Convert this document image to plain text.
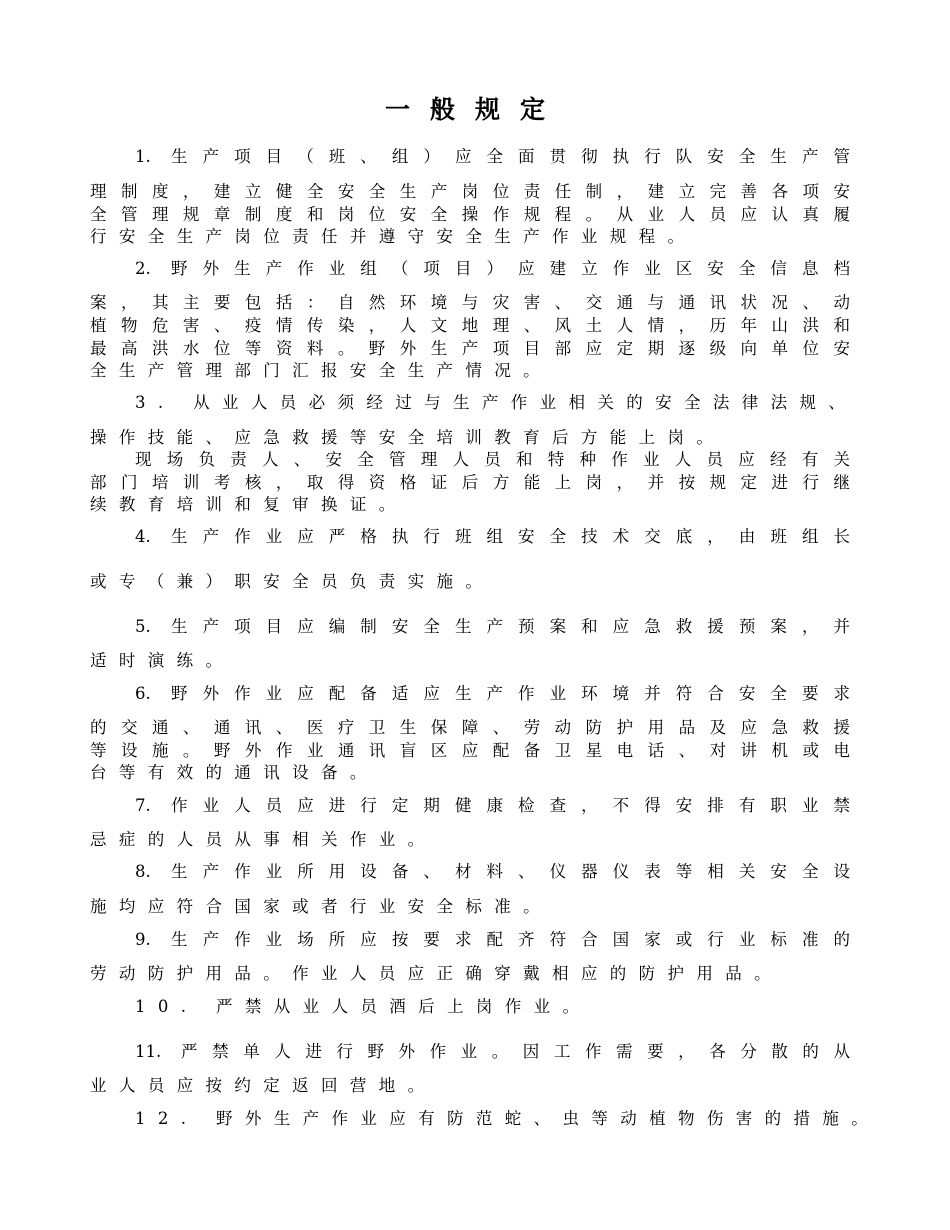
一般规定
1. 生产项目（班、组）应全面贯彻执行队安全生产管
理制度，建立健全安全生产岗位责任制，建立完善各项安
全管理规章制度和岗位安全操作规程。从业人员应认真履
行安全生产岗位责任并遵守安全生产作业规程。
2. 野外生产作业组（项目）应建立作业区安全信息档
案，其主要包括：自然环境与灾害、交通与通讯状况、动
植物危害、疫情传染，人文地理、风土人情，历年山洪和
最高洪水位等资料。野外生产项目部应定期逐级向单位安
全生产管理部门汇报安全生产情况。
3. 从业人员必须经过与生产作业相关的安全法律法规、
操作技能、应急救援等安全培训教育后方能上岗。
现场负责人、安全管理人员和特种作业人员应经有关
部门培训考核，取得资格证后方能上岗，并按规定进行继
续教育培训和复审换证。
4. 生产作业应严格执行班组安全技术交底，由班组长
或专（兼）职安全员负责实施。
5. 生产项目应编制安全生产预案和应急救援预案，并
适时演练。
6. 野外作业应配备适应生产作业环境并符合安全要求
的交通、通讯、医疗卫生保障、劳动防护用品及应急救援
等设施。野外作业通讯盲区应配备卫星电话、对讲机或电
台等有效的通讯设备。
7. 作业人员应进行定期健康检查，不得安排有职业禁
忌症的人员从事相关作业。
8. 生产作业所用设备、材料、仪器仪表等相关安全设
施均应符合国家或者行业安全标准。
9. 生产作业场所应按要求配齐符合国家或行业标准的
劳动防护用品。作业人员应正确穿戴相应的防护用品。
10. 严禁从业人员酒后上岗作业。
11. 严禁单人进行野外作业。因工作需要，各分散的从
业人员应按约定返回营地。
12. 野外生产作业应有防范蛇、虫等动植物伤害的措施。
